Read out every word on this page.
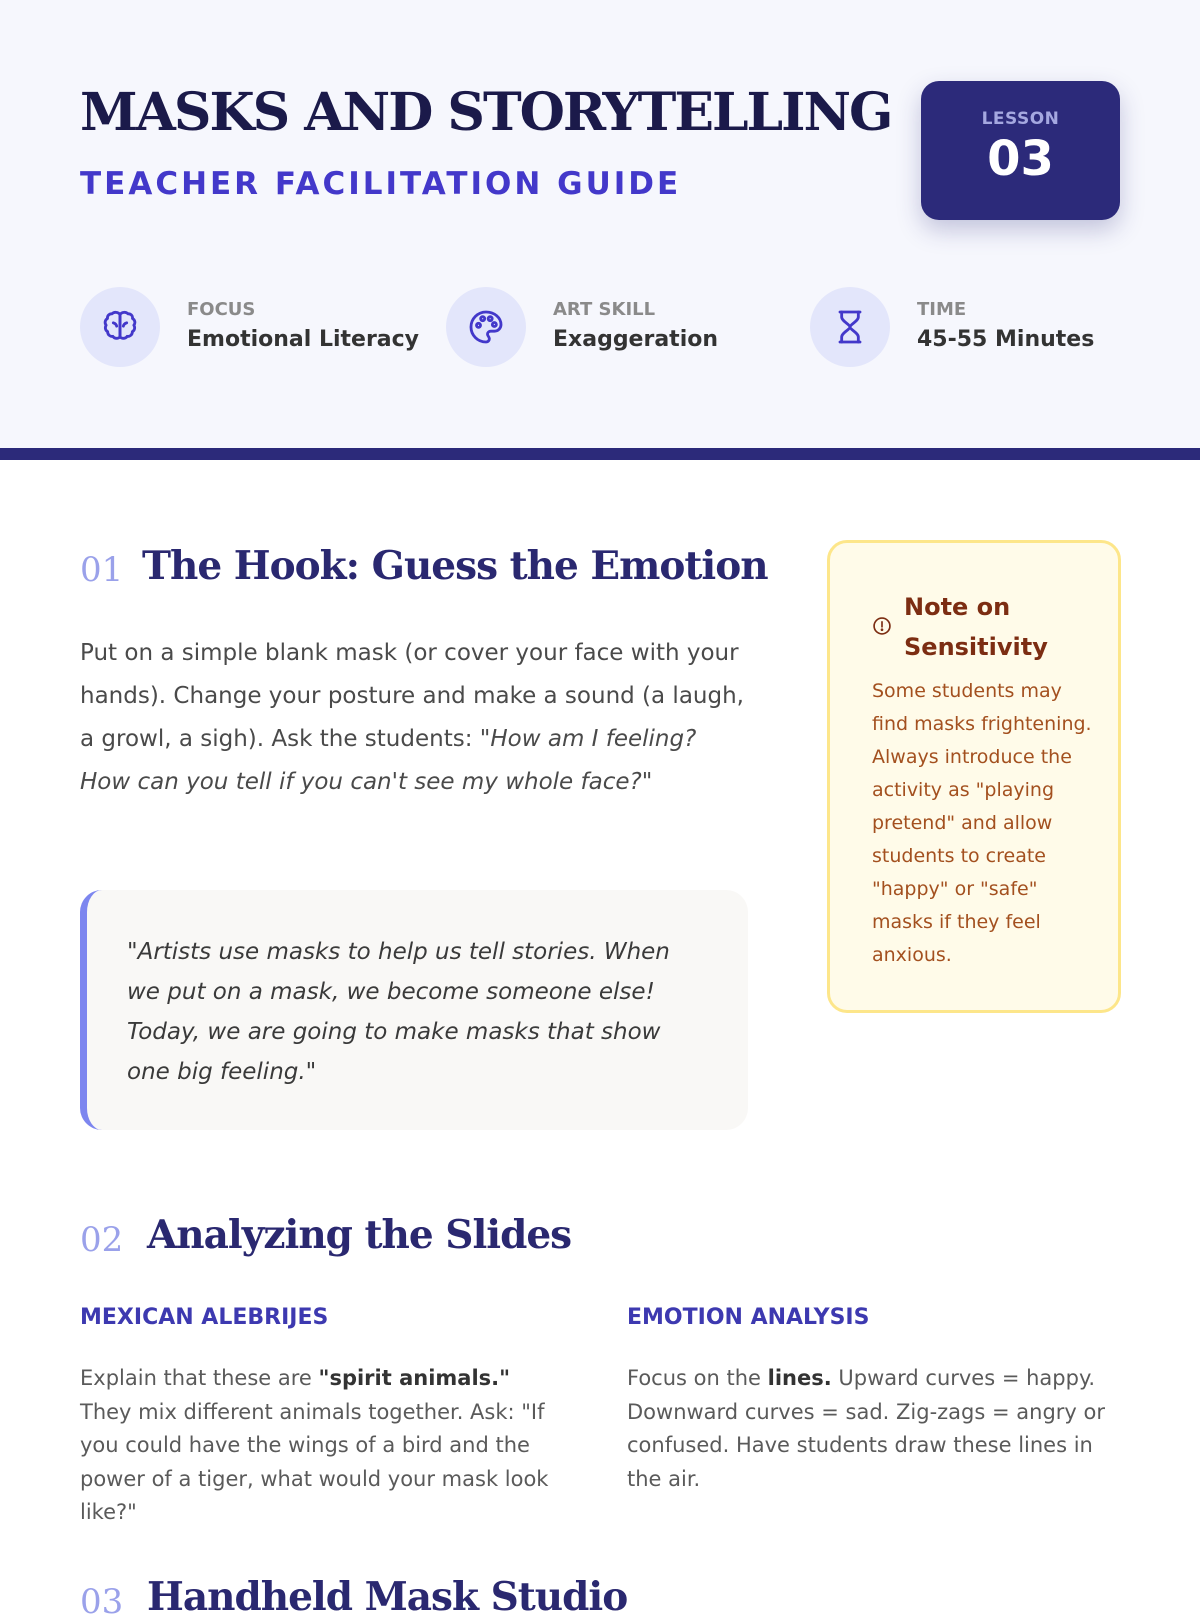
MASKS AND STORYTELLING
TEACHER FACILITATION GUIDE
LESSON
03
FOCUS
Emotional Literacy
ART SKILL
Exaggeration
TIME
45-55 Minutes
01 The Hook: Guess the Emotion

Put on a simple blank mask (or cover your face with your hands). Change your posture and make a sound (a laugh, a growl, a sigh). Ask the students: "How am I feeling? How can you tell if you can't see my whole face?"

"Artists use masks to help us tell stories. When we put on a mask, we become someone else! Today, we are going to make masks that show one big feeling."

Note on Sensitivity

Some students may find masks frightening. Always introduce the activity as "playing pretend" and allow students to create "happy" or "safe" masks if they feel anxious.

02 Analyzing the Slides
MEXICAN ALEBRIJES

Explain that these are "spirit animals." They mix different animals together. Ask: "If you could have the wings of a bird and the power of a tiger, what would your mask look like?"

EMOTION ANALYSIS

Focus on the lines. Upward curves = happy. Downward curves = sad. Zig-zags = angry or confused. Have students draw these lines in the air.

03 Handheld Mask Studio
